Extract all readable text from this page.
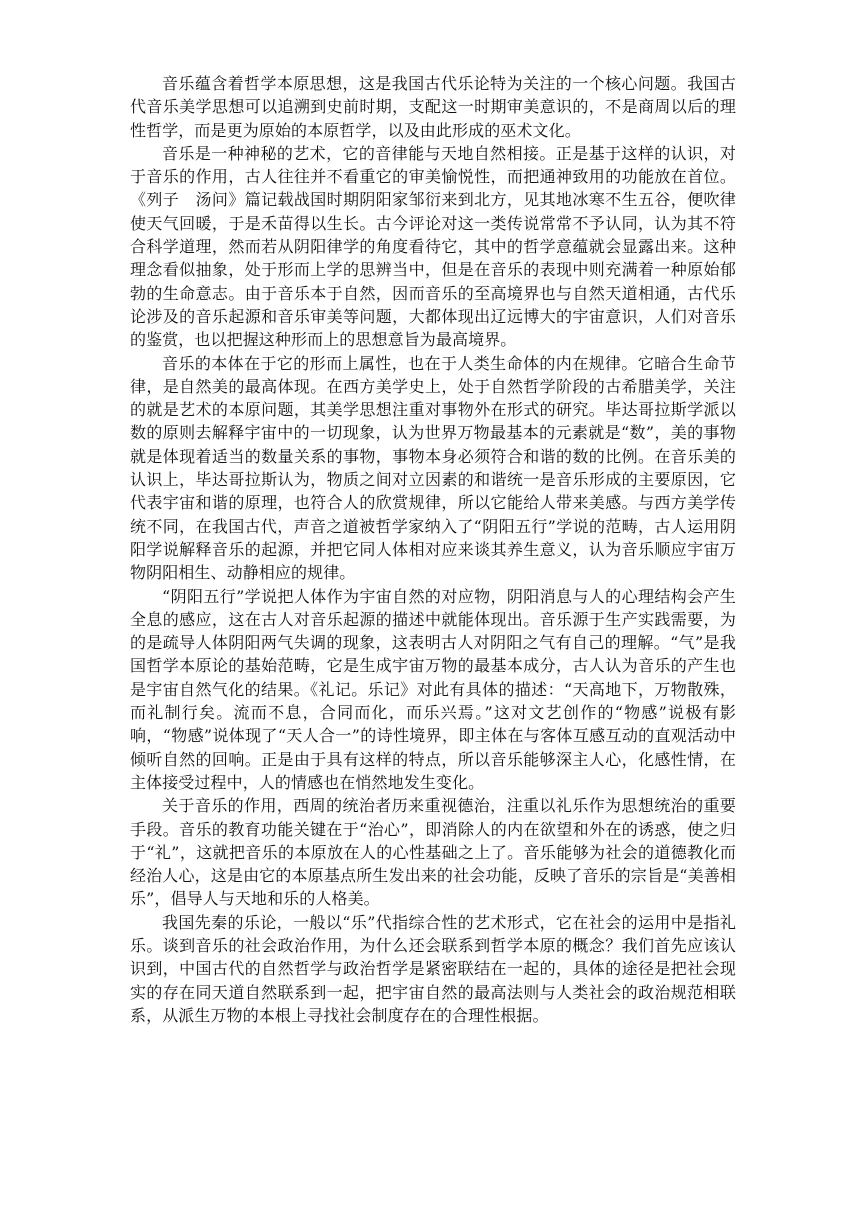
音乐蕴含着哲学本原思想，这是我国古代乐论特为关注的一个核心问题。我国古代音乐美学思想可以追溯到史前时期，支配这一时期审美意识的，不是商周以后的理性哲学，而是更为原始的本原哲学，以及由此形成的巫术文化。

音乐是一种神秘的艺术，它的音律能与天地自然相接。正是基于这样的认识，对于音乐的作用，古人往往并不看重它的审美愉悦性，而把通神致用的功能放在首位。《列子　汤问》篇记载战国时期阴阳家邹衍来到北方，见其地冰寒不生五谷，便吹律使天气回暖，于是禾苗得以生长。古今评论对这一类传说常常不予认同，认为其不符合科学道理，然而若从阴阳律学的角度看待它，其中的哲学意蕴就会显露出来。这种理念看似抽象，处于形而上学的思辨当中，但是在音乐的表现中则充满着一种原始郁勃的生命意志。由于音乐本于自然，因而音乐的至高境界也与自然天道相通，古代乐论涉及的音乐起源和音乐审美等问题，大都体现出辽远博大的宇宙意识，人们对音乐的鉴赏，也以把握这种形而上的思想意旨为最高境界。

音乐的本体在于它的形而上属性，也在于人类生命体的内在规律。它暗合生命节律，是自然美的最高体现。在西方美学史上，处于自然哲学阶段的古希腊美学，关注的就是艺术的本原问题，其美学思想注重对事物外在形式的研究。毕达哥拉斯学派以数的原则去解释宇宙中的一切现象，认为世界万物最基本的元素就是“数”，美的事物就是体现着适当的数量关系的事物，事物本身必须符合和谐的数的比例。在音乐美的认识上，毕达哥拉斯认为，物质之间对立因素的和谐统一是音乐形成的主要原因，它代表宇宙和谐的原理，也符合人的欣赏规律，所以它能给人带来美感。与西方美学传统不同，在我国古代，声音之道被哲学家纳入了“阴阳五行”学说的范畴，古人运用阴阳学说解释音乐的起源，并把它同人体相对应来谈其养生意义，认为音乐顺应宇宙万物阴阳相生、动静相应的规律。

“阴阳五行”学说把人体作为宇宙自然的对应物，阴阳消息与人的心理结构会产生全息的感应，这在古人对音乐起源的描述中就能体现出。音乐源于生产实践需要，为的是疏导人体阴阳两气失调的现象，这表明古人对阴阳之气有自己的理解。“气”是我国哲学本原论的基始范畴，它是生成宇宙万物的最基本成分，古人认为音乐的产生也是宇宙自然气化的结果。《礼记。乐记》对此有具体的描述：“天高地下，万物散殊，而礼制行矣。流而不息，合同而化，而乐兴焉。”这对文艺创作的“物感”说极有影响，“物感”说体现了“天人合一”的诗性境界，即主体在与客体互感互动的直观活动中倾听自然的回响。正是由于具有这样的特点，所以音乐能够深主人心，化感性情，在主体接受过程中，人的情感也在悄然地发生变化。

关于音乐的作用，西周的统治者历来重视德治，注重以礼乐作为思想统治的重要手段。音乐的教育功能关键在于“治心”，即消除人的内在欲望和外在的诱惑，使之归于“礼”，这就把音乐的本原放在人的心性基础之上了。音乐能够为社会的道德教化而经治人心，这是由它的本原基点所生发出来的社会功能，反映了音乐的宗旨是“美善相乐”，倡导人与天地和乐的人格美。

我国先秦的乐论，一般以“乐”代指综合性的艺术形式，它在社会的运用中是指礼乐。谈到音乐的社会政治作用，为什么还会联系到哲学本原的概念？我们首先应该认识到，中国古代的自然哲学与政治哲学是紧密联结在一起的，具体的途径是把社会现实的存在同天道自然联系到一起，把宇宙自然的最高法则与人类社会的政治规范相联系，从派生万物的本根上寻找社会制度存在的合理性根据。
